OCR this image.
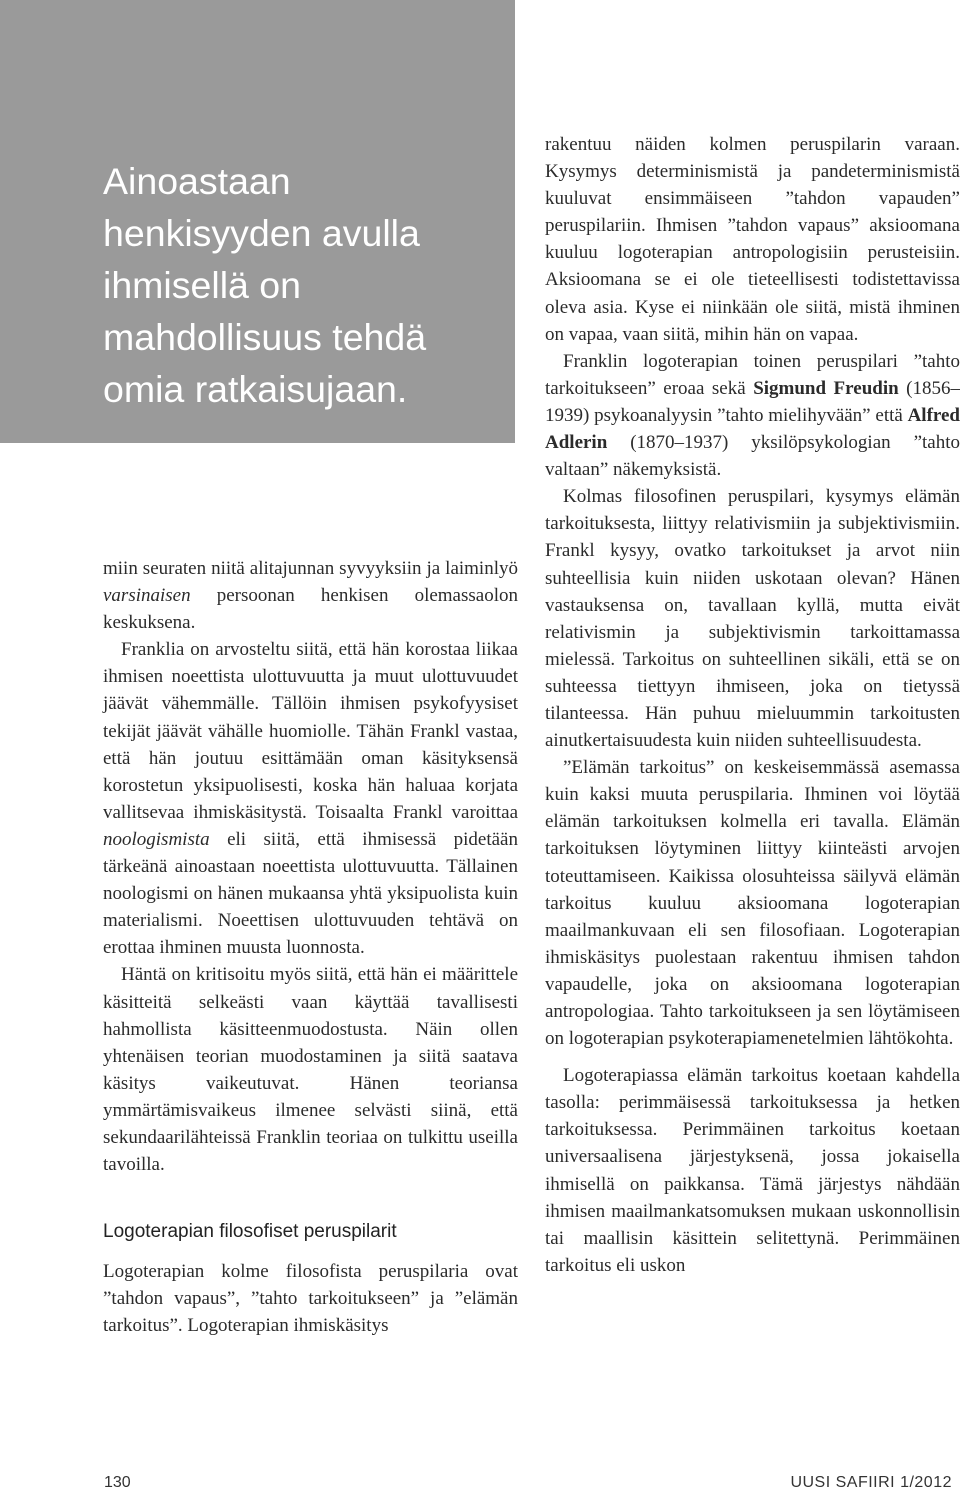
Ainoastaan henkisyyden avulla ihmisellä on mahdollisuus tehdä omia ratkaisujaan.

miin seuraten niitä alitajunnan syvyyksiin ja laiminlyö varsinaisen persoonan henkisen olemassaolon keskuksena.

Franklia on arvosteltu siitä, että hän korostaa liikaa ihmisen noeettista ulottuvuutta ja muut ulottuvuudet jäävät vähemmälle. Tällöin ihmisen psykofyysiset tekijät jäävät vähälle huomiolle. Tähän Frankl vastaa, että hän joutuu esittämään oman käsityksensä korostetun yksipuolisesti, koska hän haluaa korjata vallitsevaa ihmiskäsitystä. Toisaalta Frankl varoittaa noologismista eli siitä, että ihmisessä pidetään tärkeänä ainoastaan noeettista ulottuvuutta. Tällainen noologismi on hänen mukaansa yhtä yksipuolista kuin materialismi. Noeettisen ulottuvuuden tehtävä on erottaa ihminen muusta luonnosta.

Häntä on kritisoitu myös siitä, että hän ei määrittele käsitteitä selkeästi vaan käyttää tavallisesti hahmollista käsitteenmuodostusta. Näin ollen yhtenäisen teorian muodostaminen ja siitä saatava käsitys vaikeutuvat. Hänen teoriansa ymmärtämisvaikeus ilmenee selvästi siinä, että sekundaarilähteissä Franklin teoriaa on tulkittu useilla tavoilla.

Logoterapian filosofiset peruspilarit

Logoterapian kolme filosofista peruspilaria ovat ”tahdon vapaus”, ”tahto tarkoitukseen” ja ”elämän tarkoitus”. Logoterapian ihmiskäsitys

rakentuu näiden kolmen peruspilarin varaan. Kysymys determinismistä ja pandeterminismistä kuuluvat ensimmäiseen ”tahdon vapauden” peruspilariin. Ihmisen ”tahdon vapaus” aksioomana kuuluu logoterapian antropologisiin perusteisiin. Aksioomana se ei ole tieteellisesti todistettavissa oleva asia. Kyse ei niinkään ole siitä, mistä ihminen on vapaa, vaan siitä, mihin hän on vapaa.

Franklin logoterapian toinen peruspilari ”tahto tarkoitukseen” eroaa sekä Sigmund Freudin (1856–1939) psykoanalyysin ”tahto mielihyvään” että Alfred Adlerin (1870–1937) yksilöpsykologian ”tahto valtaan” näkemyksistä.

Kolmas filosofinen peruspilari, kysymys elämän tarkoituksesta, liittyy relativismiin ja subjektivismiin. Frankl kysyy, ovatko tarkoitukset ja arvot niin suhteellisia kuin niiden uskotaan olevan? Hänen vastauksensa on, tavallaan kyllä, mutta eivät relativismin ja subjektivismin tarkoittamassa mielessä. Tarkoitus on suhteellinen sikäli, että se on suhteessa tiettyyn ihmiseen, joka on tietyssä tilanteessa. Hän puhuu mieluummin tarkoitusten ainutkertaisuudesta kuin niiden suhteellisuudesta.

”Elämän tarkoitus” on keskeisemmässä asemassa kuin kaksi muuta peruspilaria. Ihminen voi löytää elämän tarkoituksen kolmella eri tavalla. Elämän tarkoituksen löytyminen liittyy kiinteästi arvojen toteuttamiseen. Kaikissa olosuhteissa säilyvä elämän tarkoitus kuuluu aksioomana logoterapian maailmankuvaan eli sen filosofiaan. Logoterapian ihmiskäsitys puolestaan rakentuu ihmisen tahdon vapaudelle, joka on aksioomana logoterapian antropologiaa. Tahto tarkoitukseen ja sen löytämiseen on logoterapian psykoterapiamenetelmien lähtökohta.

Logoterapiassa elämän tarkoitus koetaan kahdella tasolla: perimmäisessä tarkoituksessa ja hetken tarkoituksessa. Perimmäinen tarkoitus koetaan universaalisena järjestyksenä, jossa jokaisella ihmisellä on paikkansa. Tämä järjestys nähdään ihmisen maailmankatsomuksen mukaan uskonnollisin tai maallisin käsittein selitettynä. Perimmäinen tarkoitus eli uskon

130	UUSI SAFIIRI 1/2012
